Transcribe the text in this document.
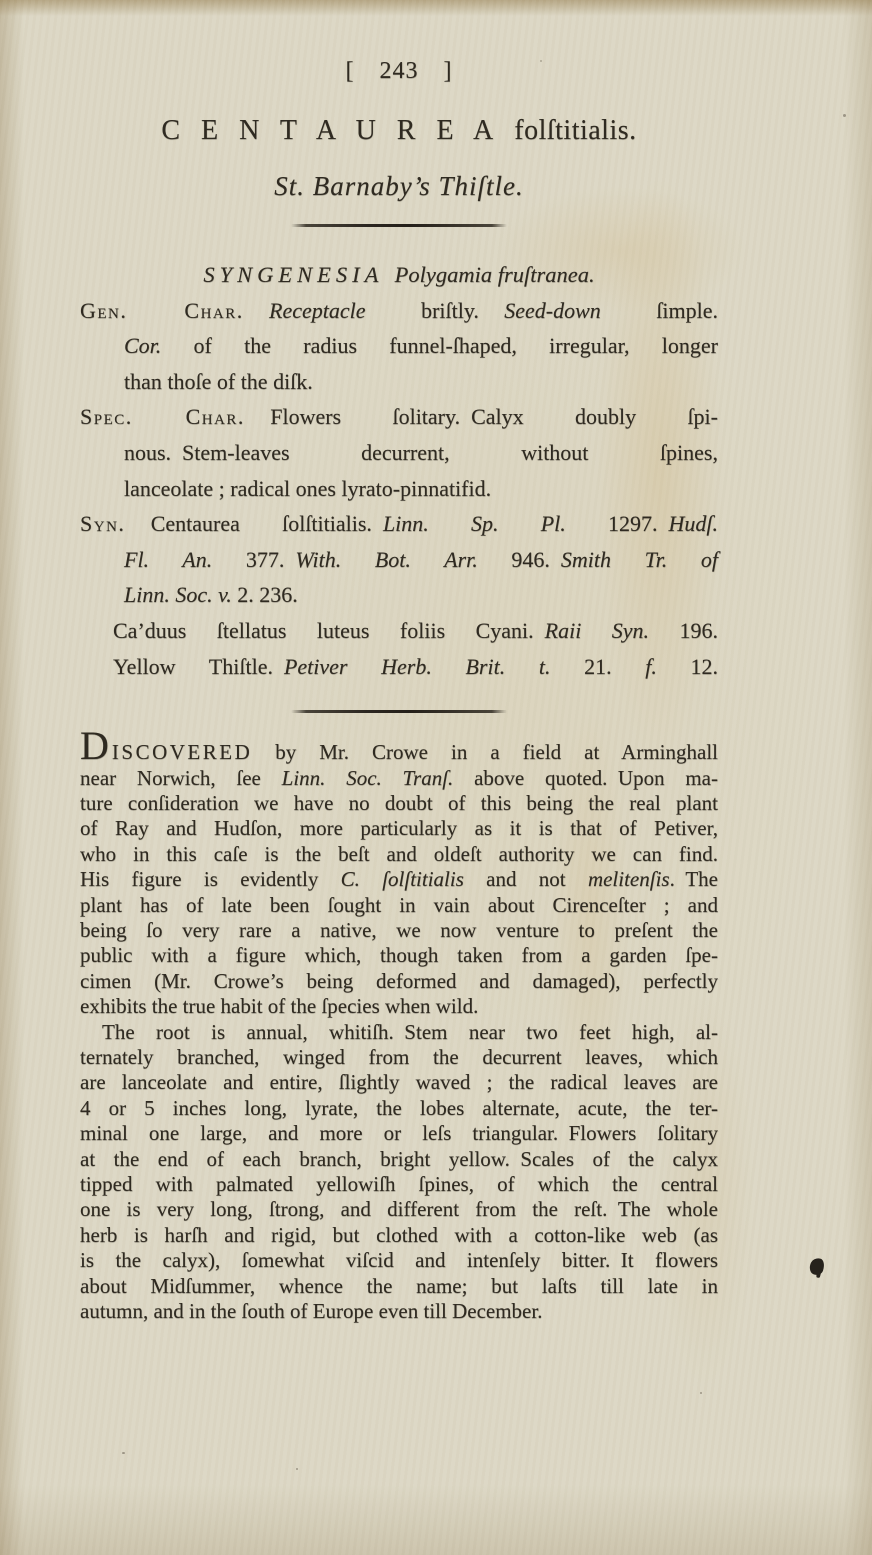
[ 243 ]
C E N T A U R E A folſtitialis.
St. Barnaby’s Thiſtle.
SYNGENESIA  Polygamia fruſtranea.
Gen. Char. Receptacle briſtly. Seed-down ſimple.
Cor. of the radius funnel-ſhaped, irregular, longer
than thoſe of the diſk.
Spec. Char. Flowers ſolitary. Calyx doubly ſpi-
nous. Stem-leaves decurrent, without ſpines,
lanceolate ; radical ones lyrato-pinnatifid.
Syn. Centaurea ſolſtitialis. Linn. Sp. Pl. 1297. Hudſ.
Fl. An. 377. With. Bot. Arr. 946. Smith Tr. of
Linn. Soc. v. 2. 236.
Ca’duus ſtellatus luteus foliis Cyani. Raii Syn. 196.
Yellow Thiſtle. Petiver Herb. Brit. t. 21. f. 12.
DISCOVERED by Mr. Crowe in a field at Arminghall
near Norwich, ſee Linn. Soc. Tranſ. above quoted. Upon ma-
ture conſideration we have no doubt of this being the real plant
of Ray and Hudſon, more particularly as it is that of Petiver,
who in this caſe is the beſt and oldeſt authority we can find.
His figure is evidently C. ſolſtitialis and not melitenſis. The
plant has of late been ſought in vain about Cirenceſter ; and
being ſo very rare a native, we now venture to preſent the
public with a figure which, though taken from a garden ſpe-
cimen (Mr. Crowe’s being deformed and damaged), perfectly
exhibits the true habit of the ſpecies when wild.
The root is annual, whitiſh. Stem near two feet high, al-
ternately branched, winged from the decurrent leaves, which
are lanceolate and entire, ſlightly waved ; the radical leaves are
4 or 5 inches long, lyrate, the lobes alternate, acute, the ter-
minal one large, and more or leſs triangular. Flowers ſolitary
at the end of each branch, bright yellow. Scales of the calyx
tipped with palmated yellowiſh ſpines, of which the central
one is very long, ſtrong, and different from the reſt. The whole
herb is harſh and rigid, but clothed with a cotton-like web (as
is the calyx), ſomewhat viſcid and intenſely bitter. It flowers
about Midſummer, whence the name; but laſts till late in
autumn, and in the ſouth of Europe even till December.
